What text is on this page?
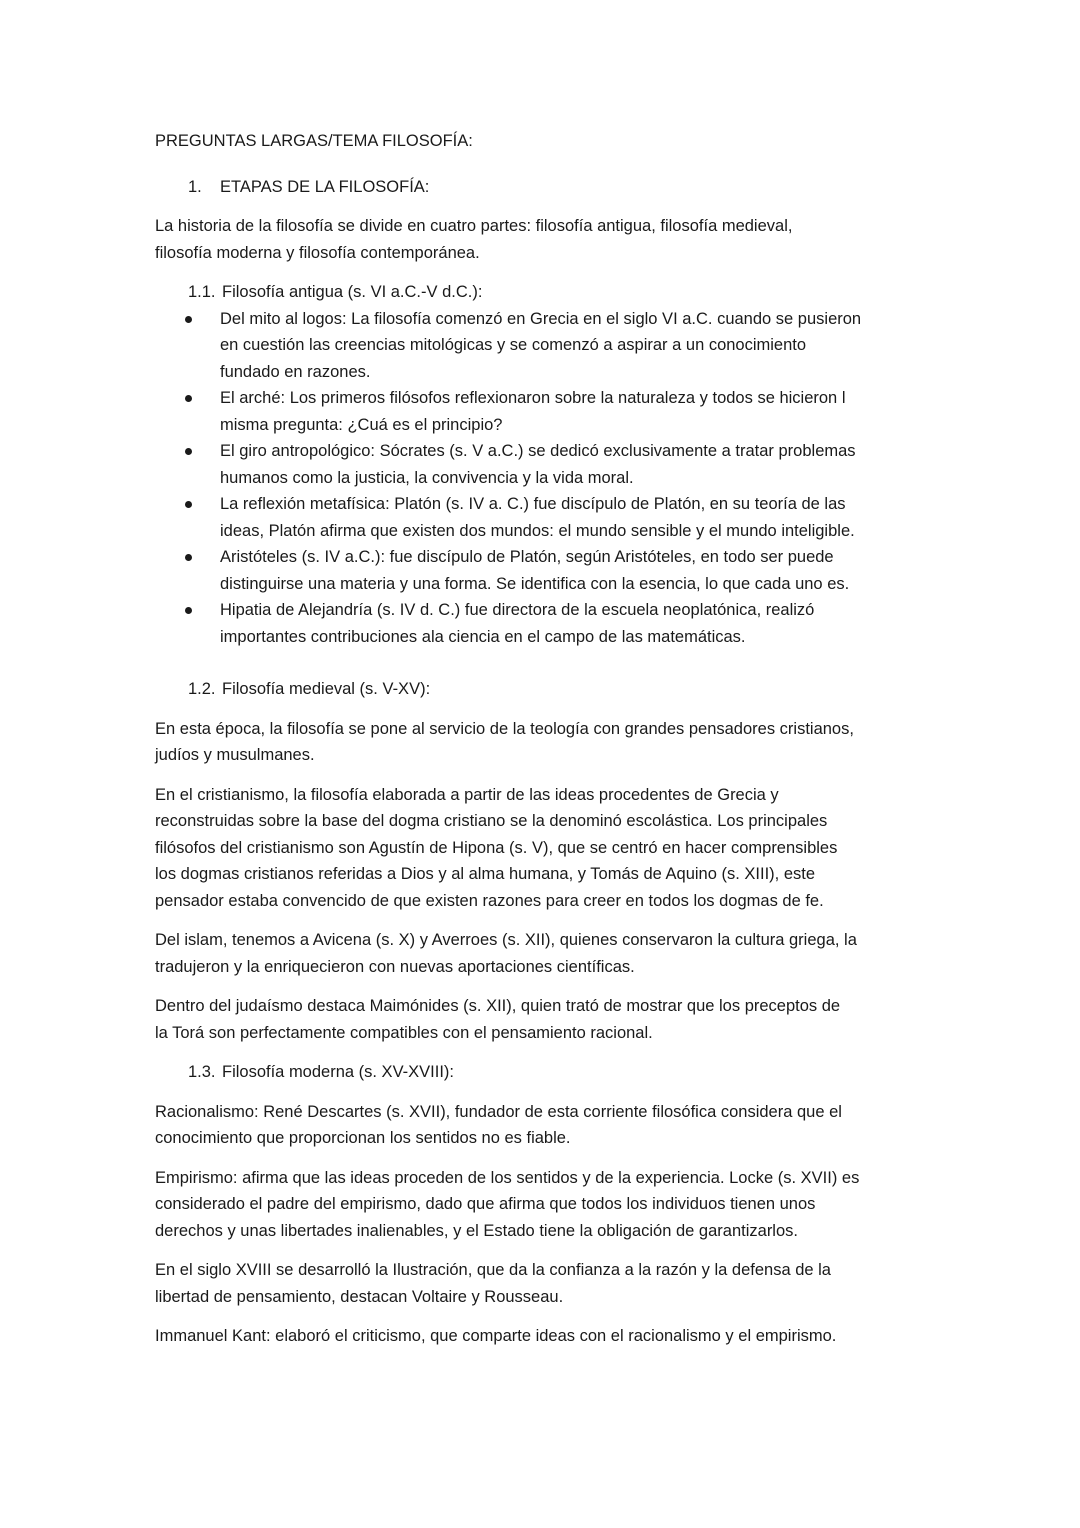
PREGUNTAS LARGAS/TEMA FILOSOFÍA:
1.	ETAPAS DE LA FILOSOFÍA:
La historia de la filosofía se divide en cuatro partes: filosofía antigua, filosofía medieval,
filosofía moderna y filosofía contemporánea.
1.1. Filosofía antigua (s. VI a.C.-V d.C.):
Del mito al logos: La filosofía comenzó en Grecia en el siglo VI a.C. cuando se pusieron
en cuestión las creencias mitológicas y se comenzó a aspirar a un conocimiento
fundado en razones.
El arché: Los primeros filósofos reflexionaron sobre la naturaleza y todos se hicieron l
misma pregunta: ¿Cuá es el principio?
El giro antropológico: Sócrates (s. V a.C.) se dedicó exclusivamente a tratar problemas
humanos como la justicia, la convivencia y la vida moral.
La reflexión metafísica: Platón (s. IV a. C.) fue discípulo de Platón, en su teoría de las
ideas, Platón afirma que existen dos mundos: el mundo sensible y el mundo inteligible.
Aristóteles (s. IV a.C.): fue discípulo de Platón, según Aristóteles, en todo ser puede
distinguirse una materia y una forma. Se identifica con la esencia, lo que cada uno es.
Hipatia de Alejandría (s. IV d. C.) fue directora de la escuela neoplatónica, realizó
importantes contribuciones ala ciencia en el campo de las matemáticas.
1.2. Filosofía medieval (s. V-XV):
En esta época, la filosofía se pone al servicio de la teología con grandes pensadores cristianos,
judíos y musulmanes.
En el cristianismo, la filosofía elaborada a partir de las ideas procedentes de Grecia y
reconstruidas sobre la base del dogma cristiano se la denominó escolástica. Los principales
filósofos del cristianismo son Agustín de Hipona (s. V), que se centró en hacer comprensibles
los dogmas cristianos referidas a Dios y al alma humana, y Tomás de Aquino (s. XIII), este
pensador estaba convencido de que existen razones para creer en todos los dogmas de fe.
Del islam, tenemos a Avicena (s. X) y Averroes (s. XII), quienes conservaron la cultura griega, la
tradujeron y la enriquecieron con nuevas aportaciones científicas.
Dentro del judaísmo destaca Maimónides (s. XII), quien trató de mostrar que los preceptos de
la Torá son perfectamente compatibles con el pensamiento racional.
1.3. Filosofía moderna (s. XV-XVIII):
Racionalismo: René Descartes (s. XVII), fundador de esta corriente filosófica considera que el
conocimiento que proporcionan los sentidos no es fiable.
Empirismo: afirma que las ideas proceden de los sentidos y de la experiencia. Locke (s. XVII) es
considerado el padre del empirismo, dado que afirma que todos los individuos tienen unos
derechos y unas libertades inalienables, y el Estado tiene la obligación de garantizarlos.
En el siglo XVIII se desarrolló la Ilustración, que da la confianza a la razón y la defensa de la
libertad de pensamiento, destacan Voltaire y Rousseau.
Immanuel Kant: elaboró el criticismo, que comparte ideas con el racionalismo y el empirismo.
